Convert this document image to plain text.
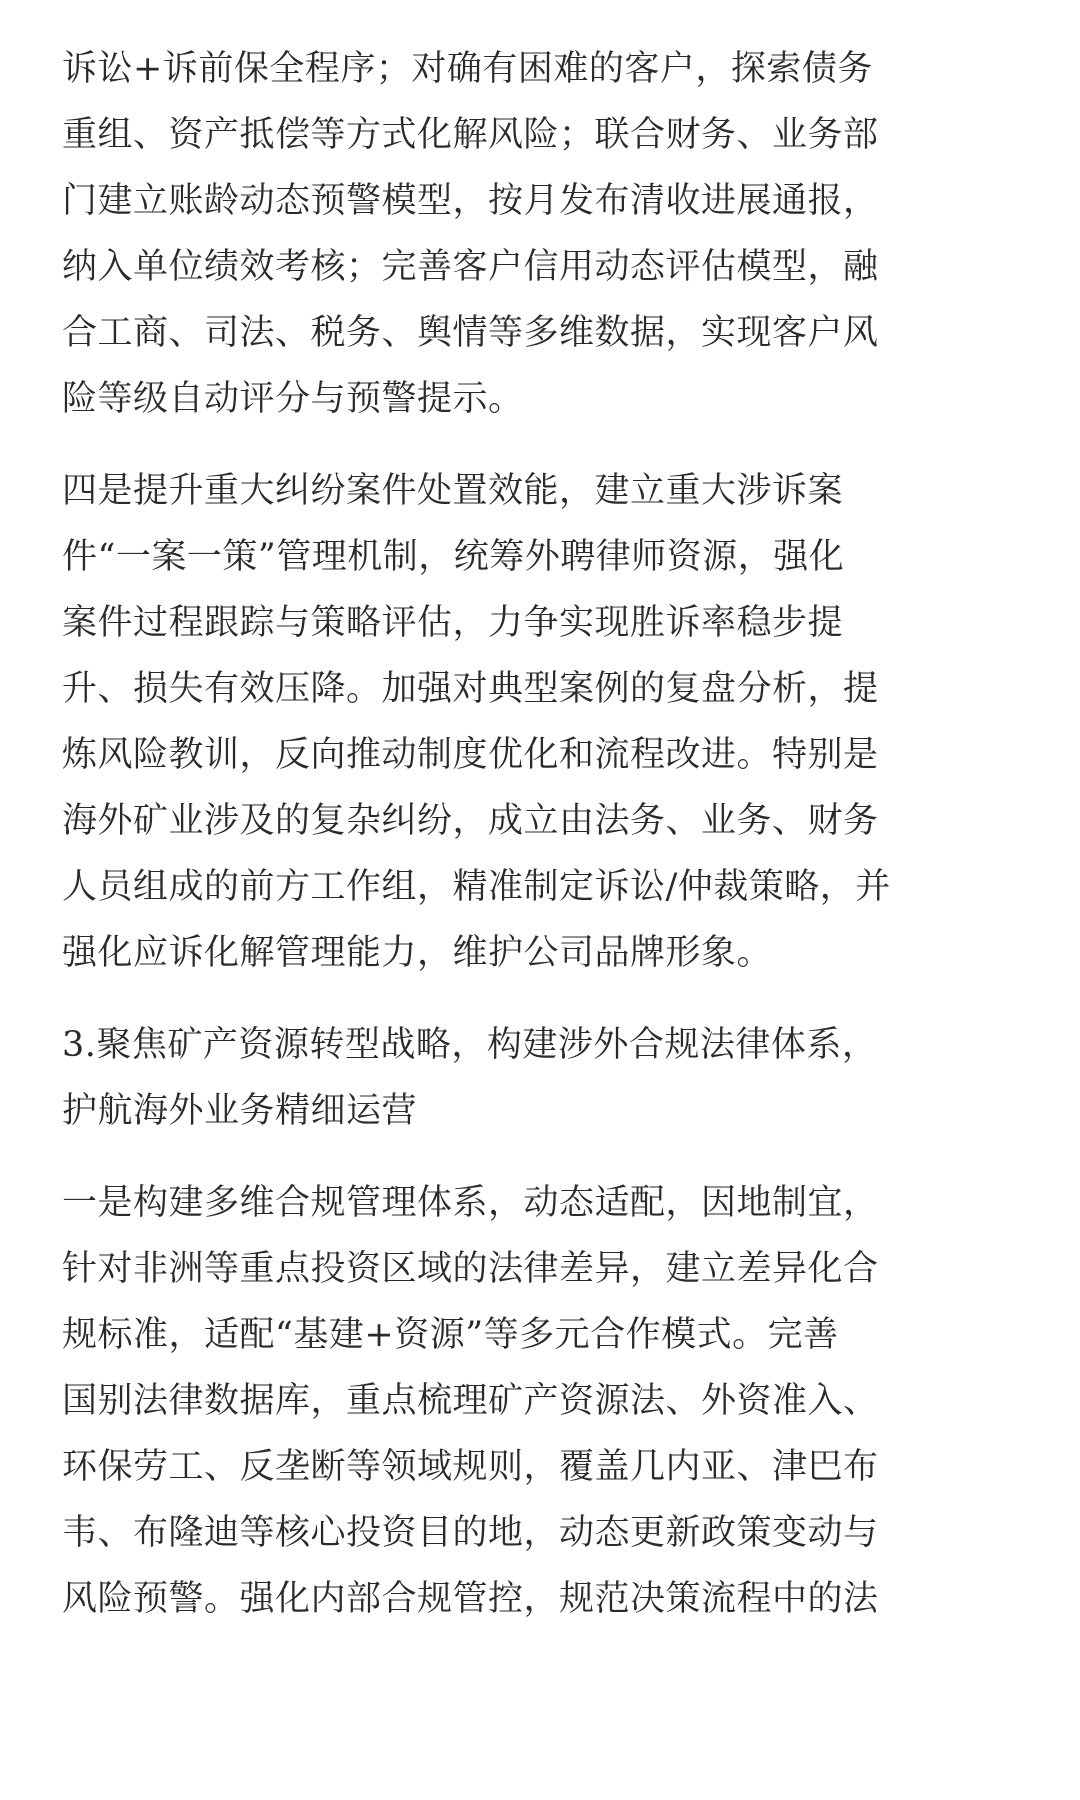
诉讼+诉前保全程序；对确有困难的客户，探索债务
重组、资产抵偿等方式化解风险；联合财务、业务部
门建立账龄动态预警模型，按月发布清收进展通报，
纳入单位绩效考核；完善客户信用动态评估模型，融
合工商、司法、税务、舆情等多维数据，实现客户风
险等级自动评分与预警提示。
四是提升重大纠纷案件处置效能，建立重大涉诉案
件“一案一策”管理机制，统筹外聘律师资源，强化
案件过程跟踪与策略评估，力争实现胜诉率稳步提
升、损失有效压降。加强对典型案例的复盘分析，提
炼风险教训，反向推动制度优化和流程改进。特别是
海外矿业涉及的复杂纠纷，成立由法务、业务、财务
人员组成的前方工作组，精准制定诉讼/仲裁策略，并
强化应诉化解管理能力，维护公司品牌形象。
3.聚焦矿产资源转型战略，构建涉外合规法律体系，
护航海外业务精细运营
一是构建多维合规管理体系，动态适配，因地制宜，
针对非洲等重点投资区域的法律差异，建立差异化合
规标准，适配“基建+资源”等多元合作模式。完善
国别法律数据库，重点梳理矿产资源法、外资准入、
环保劳工、反垄断等领域规则，覆盖几内亚、津巴布
韦、布隆迪等核心投资目的地，动态更新政策变动与
风险预警。强化内部合规管控，规范决策流程中的法
